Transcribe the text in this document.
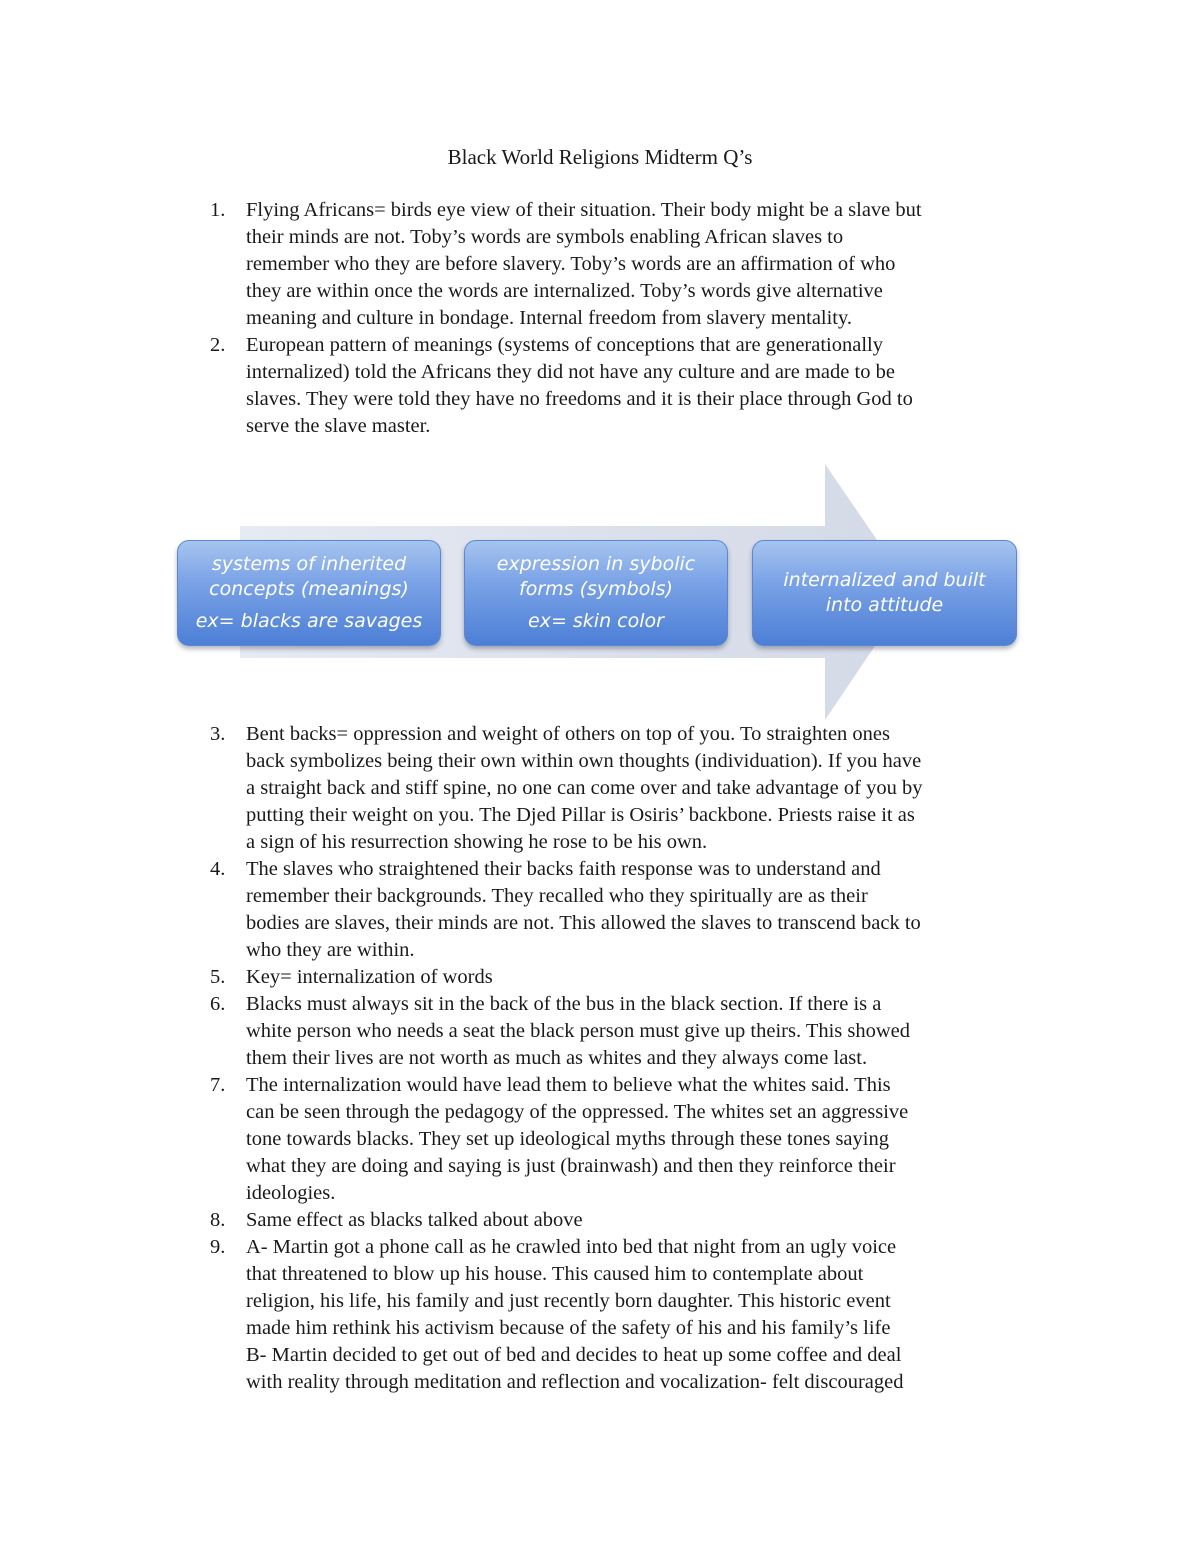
Black World Religions Midterm Q’s
1. Flying Africans= birds eye view of their situation. Their body might be a slave but
their minds are not. Toby’s words are symbols enabling African slaves to
remember who they are before slavery. Toby’s words are an affirmation of who
they are within once the words are internalized. Toby’s words give alternative
meaning and culture in bondage. Internal freedom from slavery mentality.
2. European pattern of meanings (systems of conceptions that are generationally
internalized) told the Africans they did not have any culture and are made to be
slaves. They were told they have no freedoms and it is their place through God to
serve the slave master.
systems of inherited
concepts (meanings)
ex= blacks are savages
expression in sybolic
forms (symbols)
ex= skin color
internalized and built
into attitude
3. Bent backs= oppression and weight of others on top of you. To straighten ones
back symbolizes being their own within own thoughts (individuation). If you have
a straight back and stiff spine, no one can come over and take advantage of you by
putting their weight on you. The Djed Pillar is Osiris’ backbone. Priests raise it as
a sign of his resurrection showing he rose to be his own.
4. The slaves who straightened their backs faith response was to understand and
remember their backgrounds. They recalled who they spiritually are as their
bodies are slaves, their minds are not. This allowed the slaves to transcend back to
who they are within.
5. Key= internalization of words
6. Blacks must always sit in the back of the bus in the black section. If there is a
white person who needs a seat the black person must give up theirs. This showed
them their lives are not worth as much as whites and they always come last.
7. The internalization would have lead them to believe what the whites said. This
can be seen through the pedagogy of the oppressed. The whites set an aggressive
tone towards blacks. They set up ideological myths through these tones saying
what they are doing and saying is just (brainwash) and then they reinforce their
ideologies.
8. Same effect as blacks talked about above
9. A- Martin got a phone call as he crawled into bed that night from an ugly voice
that threatened to blow up his house. This caused him to contemplate about
religion, his life, his family and just recently born daughter. This historic event
made him rethink his activism because of the safety of his and his family’s life
B- Martin decided to get out of bed and decides to heat up some coffee and deal
with reality through meditation and reflection and vocalization- felt discouraged
